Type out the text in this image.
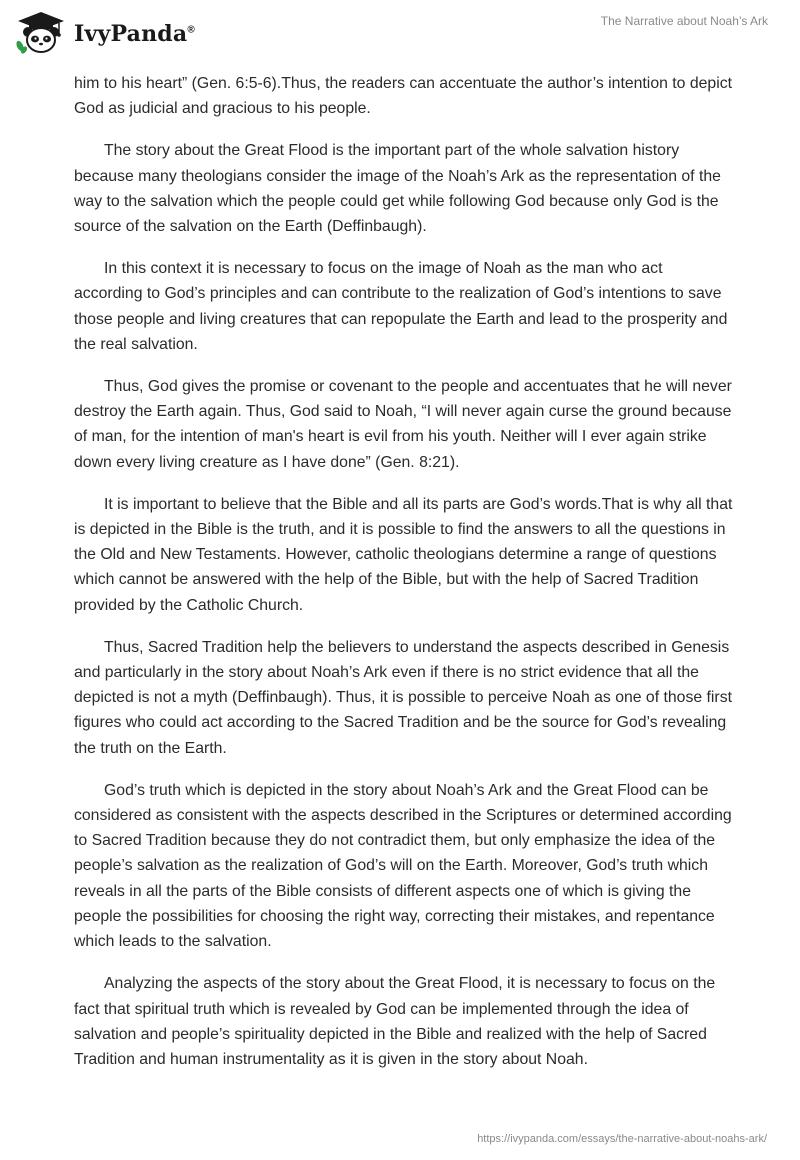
IvyPanda®
The Narrative about Noah’s Ark

him to his heart” (Gen. 6:5-6).Thus, the readers can accentuate the author’s intention to depict God as judicial and gracious to his people.

The story about the Great Flood is the important part of the whole salvation history because many theologians consider the image of the Noah’s Ark as the representation of the way to the salvation which the people could get while following God because only God is the source of the salvation on the Earth (Deffinbaugh).

In this context it is necessary to focus on the image of Noah as the man who act according to God’s principles and can contribute to the realization of God’s intentions to save those people and living creatures that can repopulate the Earth and lead to the prosperity and the real salvation.

Thus, God gives the promise or covenant to the people and accentuates that he will never destroy the Earth again. Thus, God said to Noah, “I will never again curse the ground because of man, for the intention of man's heart is evil from his youth. Neither will I ever again strike down every living creature as I have done” (Gen. 8:21).

It is important to believe that the Bible and all its parts are God’s words.That is why all that is depicted in the Bible is the truth, and it is possible to find the answers to all the questions in the Old and New Testaments. However, catholic theologians determine a range of questions which cannot be answered with the help of the Bible, but with the help of Sacred Tradition provided by the Catholic Church.

Thus, Sacred Tradition help the believers to understand the aspects described in Genesis and particularly in the story about Noah’s Ark even if there is no strict evidence that all the depicted is not a myth (Deffinbaugh). Thus, it is possible to perceive Noah as one of those first figures who could act according to the Sacred Tradition and be the source for God’s revealing the truth on the Earth.

God’s truth which is depicted in the story about Noah’s Ark and the Great Flood can be considered as consistent with the aspects described in the Scriptures or determined according to Sacred Tradition because they do not contradict them, but only emphasize the idea of the people’s salvation as the realization of God’s will on the Earth. Moreover, God’s truth which reveals in all the parts of the Bible consists of different aspects one of which is giving the people the possibilities for choosing the right way, correcting their mistakes, and repentance which leads to the salvation.

Analyzing the aspects of the story about the Great Flood, it is necessary to focus on the fact that spiritual truth which is revealed by God can be implemented through the idea of salvation and people’s spirituality depicted in the Bible and realized with the help of Sacred Tradition and human instrumentality as it is given in the story about Noah.

https://ivypanda.com/essays/the-narrative-about-noahs-ark/
